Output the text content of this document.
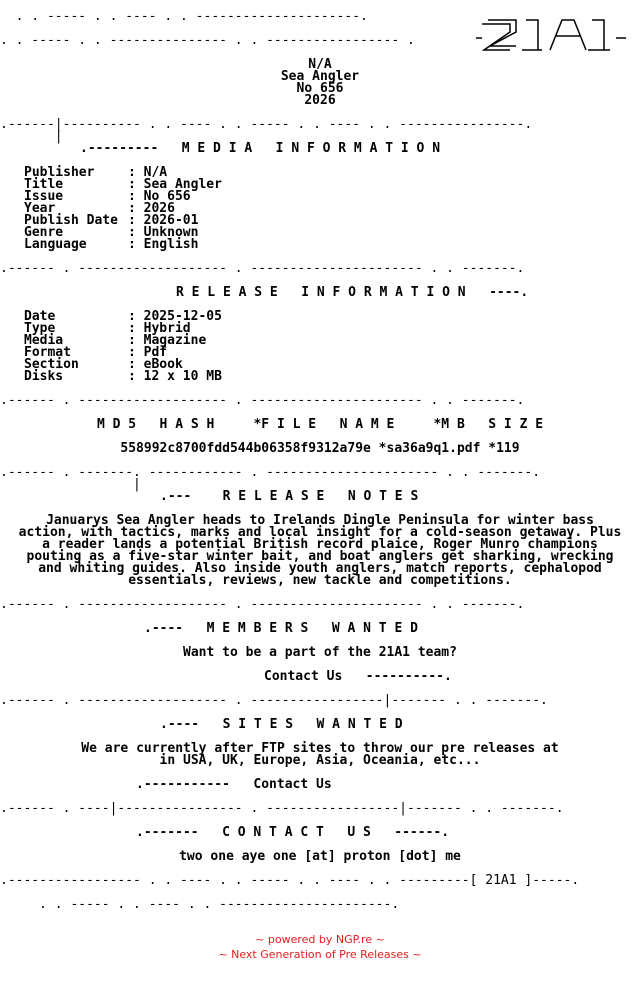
. . ----- . . ---- . . ---------------------.
. . ----- . . --------------- . . ----------------- .
N/A
Sea Angler
No 656
2026
.------|---------- . . ---- . . ----- . . ---- . . ----------------.
|
.---------   M E D I A   I N F O R M A T I O N
Publisher	: N/A
Title	: Sea Angler
Issue	: No 656
Year	: 2026
Publish Date : 2026-01
Genre	: Unknown
Language	: English
.------ . ------------------- . ---------------------- . . -------.
R E L E A S E   I N F O R M A T I O N   ----.
Date	: 2025-12-05
Type	: Hybrid
Media	: Magazine
Format	: Pdf
Section	: eBook
Disks	: 12 x 10 MB
.------ . ------------------- . ---------------------- . . -------.
M D 5   H A S H     *F I L E   N A M E     *M B   S I Z E
558992c8700fdd544b06358f9312a79e *sa36a9q1.pdf *119
.------ . -------. ------------ . ---------------------- . . -------.
|
.---    R E L E A S E   N O T E S
Januarys Sea Angler heads to Irelands Dingle Peninsula for winter bass
action, with tactics, marks and local insight for a cold-season getaway. Plus
a reader lands a potential British record plaice, Roger Munro champions
pouting as a five-star winter bait, and boat anglers get sharking, wrecking
and whiting guides. Also inside youth anglers, match reports, cephalopod
essentials, reviews, new tackle and competitions.
.------ . ------------------- . ---------------------- . . -------.
.----   M E M B E R S   W A N T E D
Want to be a part of the 21A1 team?
Contact Us   ----------.
.------ . ------------------- . -----------------|------- . . -------.
.----   S I T E S   W A N T E D
We are currently after FTP sites to throw our pre releases at
in USA, UK, Europe, Asia, Oceania, etc...
.-----------   Contact Us
.------ . ----|---------------- . -----------------|------- . . -------.
.-------   C O N T A C T   U S   ------.
two one aye one [at] proton [dot] me
.----------------- . . ---- . . ----- . . ---- . . ---------[ 21A1 ]-----.
. . ----- . . ---- . . ----------------------.
~ powered by NGP.re ~
~ Next Generation of Pre Releases ~
